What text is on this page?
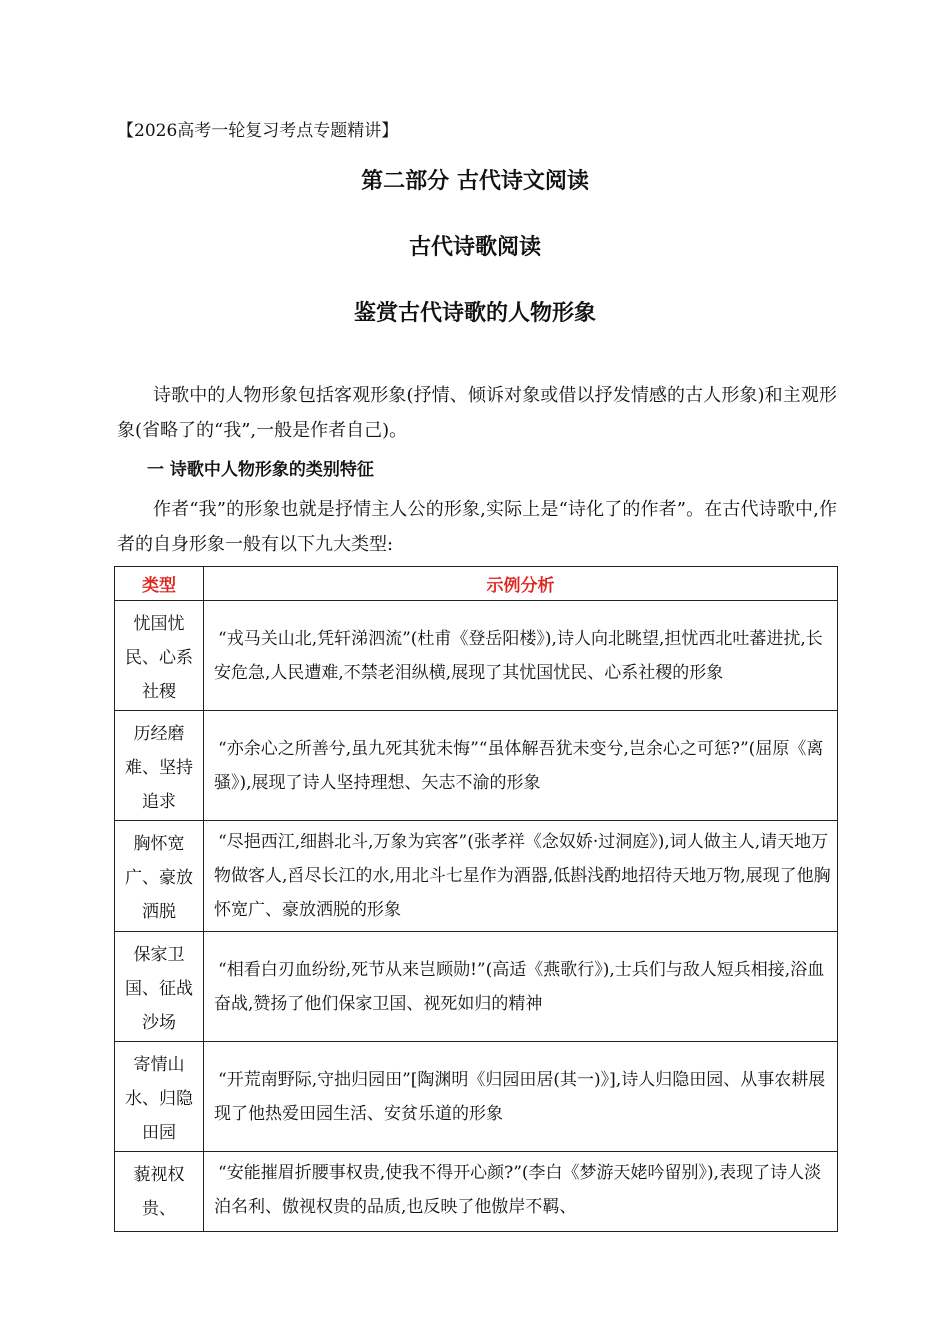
【2026高考一轮复习考点专题精讲】
第二部分 古代诗文阅读
古代诗歌阅读
鉴赏古代诗歌的人物形象
诗歌中的人物形象包括客观形象(抒情、倾诉对象或借以抒发情感的古人形象)和主观形象(省略了的“我”,一般是作者自己)。
一 诗歌中人物形象的类别特征
作者“我”的形象也就是抒情主人公的形象,实际上是“诗化了的作者”。在古代诗歌中,作者的自身形象一般有以下九大类型:
类型	示例分析
忧国忧民、心系社稷	“戎马关山北,凭轩涕泗流”(杜甫《登岳阳楼》),诗人向北眺望,担忧西北吐蕃进扰,长安危急,人民遭难,不禁老泪纵横,展现了其忧国忧民、心系社稷的形象
历经磨难、坚持追求	“亦余心之所善兮,虽九死其犹未悔”“虽体解吾犹未变兮,岂余心之可惩?”(屈原《离骚》),展现了诗人坚持理想、矢志不渝的形象
胸怀宽广、豪放洒脱	“尽挹西江,细斟北斗,万象为宾客”(张孝祥《念奴娇·过洞庭》),词人做主人,请天地万物做客人,舀尽长江的水,用北斗七星作为酒器,低斟浅酌地招待天地万物,展现了他胸怀宽广、豪放洒脱的形象
保家卫国、征战沙场	“相看白刃血纷纷,死节从来岂顾勋!”(高适《燕歌行》),士兵们与敌人短兵相接,浴血奋战,赞扬了他们保家卫国、视死如归的精神
寄情山水、归隐田园	“开荒南野际,守拙归园田”[陶渊明《归园田居(其一)》],诗人归隐田园、从事农耕展现了他热爱田园生活、安贫乐道的形象
藐视权贵、	“安能摧眉折腰事权贵,使我不得开心颜?”(李白《梦游天姥吟留别》),表现了诗人淡泊名利、傲视权贵的品质,也反映了他傲岸不羁、
